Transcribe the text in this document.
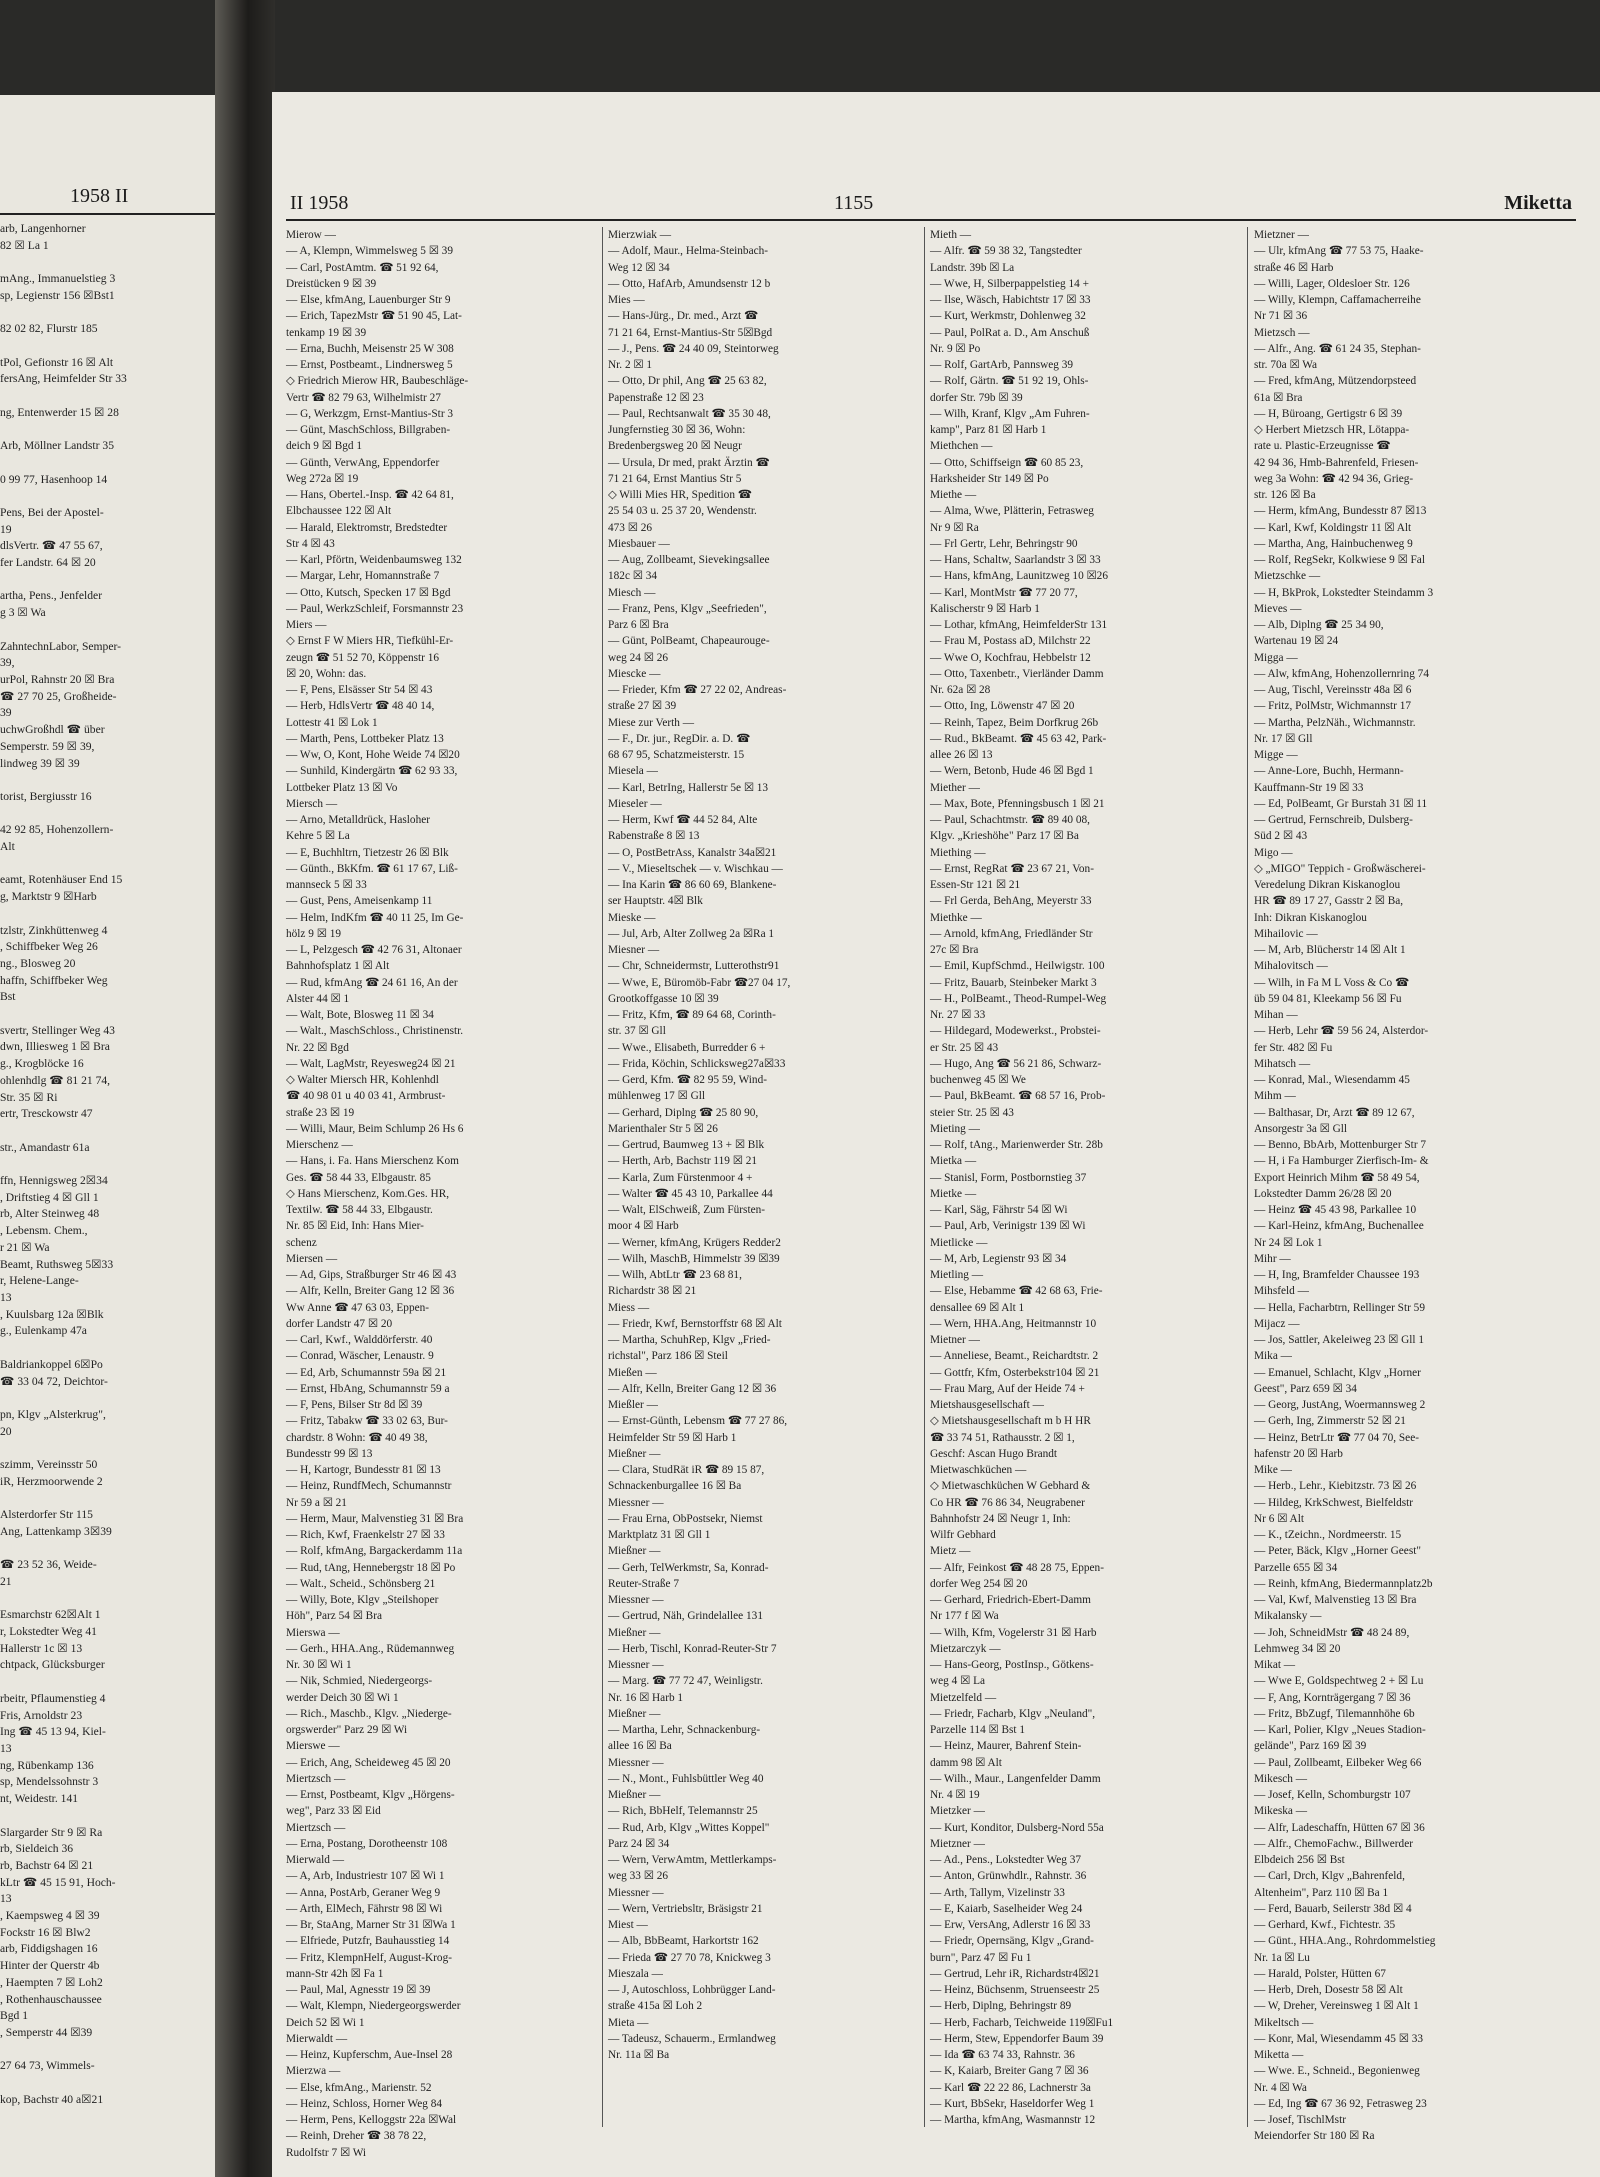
1958 II
arb, Langenhorner
82 ☒ La 1

mAng., Immanuelstieg 3
sp, Legienstr 156 ☒Bst1

82 02 82, Flurstr 185

tPol, Gefionstr 16 ☒ Alt
fersAng, Heimfelder Str 33

ng, Entenwerder 15 ☒ 28

Arb, Möllner Landstr 35

0 99 77, Hasenhoop 14

Pens, Bei der Apostel-
19
dlsVertr. ☎ 47 55 67,
fer Landstr. 64 ☒ 20

artha, Pens., Jenfelder
g 3 ☒ Wa

ZahntechnLabor, Semper-
39,
urPol, Rahnstr 20 ☒ Bra
☎ 27 70 25, Großheide-
39
uchwGroßhdl ☎ über
Semperstr. 59 ☒ 39,
lindweg 39 ☒ 39

torist, Bergiusstr 16

42 92 85, Hohenzollern-
Alt

eamt, Rotenhäuser End 15
g, Marktstr 9 ☒Harb

tzlstr, Zinkhüttenweg 4
, Schiffbeker Weg 26
ng., Blosweg 20
haffn, Schiffbeker Weg
Bst

svertr, Stellinger Weg 43
dwn, Illiesweg 1 ☒ Bra
g., Krogblöcke 16
ohlenhdlg ☎ 81 21 74,
Str. 35 ☒ Ri
ertr, Tresckowstr 47

str., Amandastr 61a

ffn, Hennigsweg 2☒34
, Driftstieg 4 ☒ Gll 1
rb, Alter Steinweg 48
, Lebensm. Chem.,
r 21 ☒ Wa
Beamt, Ruthsweg 5☒33
r, Helene-Lange-
13
, Kuulsbarg 12a ☒Blk
g., Eulenkamp 47a

Baldriankoppel 6☒Po
☎ 33 04 72, Deichtor-

pn, Klgv „Alsterkrug",
20

szimm, Vereinsstr 50
iR, Herzmoorwende 2

Alsterdorfer Str 115
Ang, Lattenkamp 3☒39

☎ 23 52 36, Weide-
21

Esmarchstr 62☒Alt 1
r, Lokstedter Weg 41
Hallerstr 1c ☒ 13
chtpack, Glücksburger

rbeitr, Pflaumenstieg 4
Fris, Arnoldstr 23
Ing ☎ 45 13 94, Kiel-
13
ng, Rübenkamp 136
sp, Mendelssohnstr 3
nt, Weidestr. 141

Slargarder Str 9 ☒ Ra
rb, Sieldeich 36
rb, Bachstr 64 ☒ 21
kLtr ☎ 45 15 91, Hoch-
13
, Kaempsweg 4 ☒ 39
Fockstr 16 ☒ Blw2
arb, Fiddigshagen 16
Hinter der Querstr 4b
, Haempten 7 ☒ Loh2
, Rothenhauschaussee
Bgd 1
, Semperstr 44 ☒39

27 64 73, Wimmels-

kop, Bachstr 40 a☒21
II 1958	1155	Miketta
Mierow —
— A, Klempn, Wimmelsweg 5 ☒ 39
— Carl, PostAmtm. ☎ 51 92 64,
Dreistücken 9 ☒ 39
— Else, kfmAng, Lauenburger Str 9
— Erich, TapezMstr ☎ 51 90 45, Lat-
tenkamp 19 ☒ 39
— Erna, Buchh, Meisenstr 25 W 308
— Ernst, Postbeamt., Lindnersweg 5
◇ Friedrich Mierow HR, Baubeschläge-
Vertr ☎ 82 79 63, Wilhelmistr 27
— G, Werkzgm, Ernst-Mantius-Str 3
— Günt, MaschSchloss, Billgraben-
deich 9 ☒ Bgd 1
— Günth, VerwAng, Eppendorfer
Weg 272a ☒ 19
— Hans, Obertel.-Insp. ☎ 42 64 81,
Elbchaussee 122 ☒ Alt
— Harald, Elektromstr, Bredstedter
Str 4 ☒ 43
— Karl, Pförtn, Weidenbaumsweg 132
— Margar, Lehr, Homannstraße 7
— Otto, Kutsch, Specken 17 ☒ Bgd
— Paul, WerkzSchleif, Forsmannstr 23
Miers —
◇ Ernst F W Miers HR, Tiefkühl-Er-
zeugn ☎ 51 52 70, Köppenstr 16
☒ 20, Wohn: das.
— F, Pens, Elsässer Str 54 ☒ 43
— Herb, HdlsVertr ☎ 48 40 14,
Lottestr 41 ☒ Lok 1
— Marth, Pens, Lottbeker Platz 13
— Ww, O, Kont, Hohe Weide 74 ☒20
— Sunhild, Kindergärtn ☎ 62 93 33,
Lottbeker Platz 13 ☒ Vo
Miersch —
— Arno, Metalldrück, Hasloher
Kehre 5 ☒ La
— E, Buchhltrn, Tietzestr 26 ☒ Blk
— Günth., BkKfm. ☎ 61 17 67, Liß-
mannseck 5 ☒ 33
— Gust, Pens, Ameisenkamp 11
— Helm, IndKfm ☎ 40 11 25, Im Ge-
hölz 9 ☒ 19
— L, Pelzgesch ☎ 42 76 31, Altonaer
Bahnhofsplatz 1 ☒ Alt
— Rud, kfmAng ☎ 24 61 16, An der
Alster 44 ☒ 1
— Walt, Bote, Blosweg 11 ☒ 34
— Walt., MaschSchloss., Christinenstr.
Nr. 22 ☒ Bgd
— Walt, LagMstr, Reyesweg24 ☒ 21
◇ Walter Miersch HR, Kohlenhdl
☎ 40 98 01 u 40 03 41, Armbrust-
straße 23 ☒ 19
— Willi, Maur, Beim Schlump 26 Hs 6
Mierschenz —
— Hans, i. Fa. Hans Mierschenz Kom
Ges. ☎ 58 44 33, Elbgaustr. 85
◇ Hans Mierschenz, Kom.Ges. HR,
Textilw. ☎ 58 44 33, Elbgaustr.
Nr. 85 ☒ Eid, Inh: Hans Mier-
schenz
Miersen —
— Ad, Gips, Straßburger Str 46 ☒ 43
— Alfr, Kelln, Breiter Gang 12 ☒ 36
Ww Anne ☎ 47 63 03, Eppen-
dorfer Landstr 47 ☒ 20
— Carl, Kwf., Walddörferstr. 40
— Conrad, Wäscher, Lenaustr. 9
— Ed, Arb, Schumannstr 59a ☒ 21
— Ernst, HbAng, Schumannstr 59 a
— F, Pens, Bilser Str 8d ☒ 39
— Fritz, Tabakw ☎ 33 02 63, Bur-
chardstr. 8 Wohn: ☎ 40 49 38,
Bundesstr 99 ☒ 13
— H, Kartogr, Bundesstr 81 ☒ 13
— Heinz, RundfMech, Schumannstr
Nr 59 a ☒ 21
— Herm, Maur, Malvenstieg 31 ☒ Bra
— Rich, Kwf, Fraenkelstr 27 ☒ 33
— Rolf, kfmAng, Bargackerdamm 11a
— Rud, tAng, Hennebergstr 18 ☒ Po
— Walt., Scheid., Schönsberg 21
— Willy, Bote, Klgv „Steilshoper
Höh", Parz 54 ☒ Bra
Mierswa —
— Gerh., HHA.Ang., Rüdemannweg
Nr. 30 ☒ Wi 1
— Nik, Schmied, Niedergeorgs-
werder Deich 30 ☒ Wi 1
— Rich., Maschb., Klgv. „Niederge-
orgswerder" Parz 29 ☒ Wi
Mierswe —
— Erich, Ang, Scheideweg 45 ☒ 20
Miertzsch —
— Ernst, Postbeamt, Klgv „Hörgens-
weg", Parz 33 ☒ Eid
Miertzsch —
— Erna, Postang, Dorotheenstr 108
Mierwald —
— A, Arb, Industriestr 107 ☒ Wi 1
— Anna, PostArb, Geraner Weg 9
— Arth, ElMech, Fährstr 98 ☒ Wi
— Br, StaAng, Marner Str 31 ☒Wa 1
— Elfriede, Putzfr, Bauhausstieg 14
— Fritz, KlempnHelf, August-Krog-
mann-Str 42h ☒ Fa 1
— Paul, Mal, Agnesstr 19 ☒ 39
— Walt, Klempn, Niedergeorgswerder
Deich 52 ☒ Wi 1
Mierwaldt —
— Heinz, Kupferschm, Aue-Insel 28
Mierzwa —
— Else, kfmAng., Marienstr. 52
— Heinz, Schloss, Horner Weg 84
— Herm, Pens, Kelloggstr 22a ☒Wal
— Reinh, Dreher ☎ 38 78 22,
Rudolfstr 7 ☒ Wi
Mierzwiak —
— Adolf, Maur., Helma-Steinbach-
Weg 12 ☒ 34
— Otto, HafArb, Amundsenstr 12 b
Mies —
— Hans-Jürg., Dr. med., Arzt ☎
71 21 64, Ernst-Mantius-Str 5☒Bgd
— J., Pens. ☎ 24 40 09, Steintorweg
Nr. 2 ☒ 1
— Otto, Dr phil, Ang ☎ 25 63 82,
Papenstraße 12 ☒ 23
— Paul, Rechtsanwalt ☎ 35 30 48,
Jungfernstieg 30 ☒ 36, Wohn:
Bredenbergsweg 20 ☒ Neugr
— Ursula, Dr med, prakt Ärztin ☎
71 21 64, Ernst Mantius Str 5
◇ Willi Mies HR, Spedition ☎
25 54 03 u. 25 37 20, Wendenstr.
473 ☒ 26
Miesbauer —
— Aug, Zollbeamt, Sievekingsallee
182c ☒ 34
Miesch —
— Franz, Pens, Klgv „Seefrieden",
Parz 6 ☒ Bra
— Günt, PolBeamt, Chapeaurouge-
weg 24 ☒ 26
Miescke —
— Frieder, Kfm ☎ 27 22 02, Andreas-
straße 27 ☒ 39
Miese zur Verth —
— F., Dr. jur., RegDir. a. D. ☎
68 67 95, Schatzmeisterstr. 15
Miesela —
— Karl, BetrIng, Hallerstr 5e ☒ 13
Mieseler —
— Herm, Kwf ☎ 44 52 84, Alte
Rabenstraße 8 ☒ 13
— O, PostBetrAss, Kanalstr 34a☒21
— V., Mieseltschek — v. Wischkau —
— Ina Karin ☎ 86 60 69, Blankene-
ser Hauptstr. 4☒ Blk
Mieske —
— Jul, Arb, Alter Zollweg 2a ☒Ra 1
Miesner —
— Chr, Schneidermstr, Lutterothstr91
— Wwe, E, Büromöb-Fabr ☎27 04 17,
Grootkoffgasse 10 ☒ 39
— Fritz, Kfm, ☎ 89 64 68, Corinth-
str. 37 ☒ Gll
— Wwe., Elisabeth, Burredder 6 +
— Frida, Köchin, Schlicksweg27a☒33
— Gerd, Kfm. ☎ 82 95 59, Wind-
mühlenweg 17 ☒ Gll
— Gerhard, Diplng ☎ 25 80 90,
Marienthaler Str 5 ☒ 26
— Gertrud, Baumweg 13 + ☒ Blk
— Herth, Arb, Bachstr 119 ☒ 21
— Karla, Zum Fürstenmoor 4 +
— Walter ☎ 45 43 10, Parkallee 44
— Walt, ElSchweiß, Zum Fürsten-
moor 4 ☒ Harb
— Werner, kfmAng, Krügers Redder2
— Wilh, MaschB, Himmelstr 39 ☒39
— Wilh, AbtLtr ☎ 23 68 81,
Richardstr 38 ☒ 21
Miess —
— Friedr, Kwf, Bernstorffstr 68 ☒ Alt
— Martha, SchuhRep, Klgv „Fried-
richstal", Parz 186 ☒ Steil
Mießen —
— Alfr, Kelln, Breiter Gang 12 ☒ 36
Mießler —
— Ernst-Günth, Lebensm ☎ 77 27 86,
Heimfelder Str 59 ☒ Harb 1
Mießner —
— Clara, StudRät iR ☎ 89 15 87,
Schnackenburgallee 16 ☒ Ba
Miessner —
— Frau Erna, ObPostsekr, Niemst
Marktplatz 31 ☒ Gll 1
Mießner —
— Gerh, TelWerkmstr, Sa, Konrad-
Reuter-Straße 7
Miessner —
— Gertrud, Näh, Grindelallee 131
Mießner —
— Herb, Tischl, Konrad-Reuter-Str 7
Miessner —
— Marg. ☎ 77 72 47, Weinligstr.
Nr. 16 ☒ Harb 1
Mießner —
— Martha, Lehr, Schnackenburg-
allee 16 ☒ Ba
Miessner —
— N., Mont., Fuhlsbüttler Weg 40
Mießner —
— Rich, BbHelf, Telemannstr 25
— Rud, Arb, Klgv „Wittes Koppel"
Parz 24 ☒ 34
— Wern, VerwAmtm, Mettlerkamps-
weg 33 ☒ 26
Miessner —
— Wern, Vertriebsltr, Bräsigstr 21
Miest —
— Alb, BbBeamt, Harkortstr 162
— Frieda ☎ 27 70 78, Knickweg 3
Mieszala —
— J, Autoschloss, Lohbrügger Land-
straße 415a ☒ Loh 2
Mieta —
— Tadeusz, Schauerm., Ermlandweg
Nr. 11a ☒ Ba
Mieth —
— Alfr. ☎ 59 38 32, Tangstedter
Landstr. 39b ☒ La
— Wwe, H, Silberpappelstieg 14 +
— Ilse, Wäsch, Habichtstr 17 ☒ 33
— Kurt, Werkmstr, Dohlenweg 32
— Paul, PolRat a. D., Am Anschuß
Nr. 9 ☒ Po
— Rolf, GartArb, Pannsweg 39
— Rolf, Gärtn. ☎ 51 92 19, Ohls-
dorfer Str. 79b ☒ 39
— Wilh, Kranf, Klgv „Am Fuhren-
kamp", Parz 81 ☒ Harb 1
Miethchen —
— Otto, Schiffseign ☎ 60 85 23,
Harksheider Str 149 ☒ Po
Miethe —
— Alma, Wwe, Plätterin, Fetrasweg
Nr 9 ☒ Ra
— Frl Gertr, Lehr, Behringstr 90
— Hans, Schaltw, Saarlandstr 3 ☒ 33
— Hans, kfmAng, Launitzweg 10 ☒26
— Karl, MontMstr ☎ 77 20 77,
Kalischerstr 9 ☒ Harb 1
— Lothar, kfmAng, HeimfelderStr 131
— Frau M, Postass aD, Milchstr 22
— Wwe O, Kochfrau, Hebbelstr 12
— Otto, Taxenbetr., Vierländer Damm
Nr. 62a ☒ 28
— Otto, Ing, Löwenstr 47 ☒ 20
— Reinh, Tapez, Beim Dorfkrug 26b
— Rud., BkBeamt. ☎ 45 63 42, Park-
allee 26 ☒ 13
— Wern, Betonb, Hude 46 ☒ Bgd 1
Miether —
— Max, Bote, Pfenningsbusch 1 ☒ 21
— Paul, Schachtmstr. ☎ 89 40 08,
Klgv. „Krieshöhe" Parz 17 ☒ Ba
Miething —
— Ernst, RegRat ☎ 23 67 21, Von-
Essen-Str 121 ☒ 21
— Frl Gerda, BehAng, Meyerstr 33
Miethke —
— Arnold, kfmAng, Friedländer Str
27c ☒ Bra
— Emil, KupfSchmd., Heilwigstr. 100
— Fritz, Bauarb, Steinbeker Markt 3
— H., PolBeamt., Theod-Rumpel-Weg
Nr. 27 ☒ 33
— Hildegard, Modewerkst., Probstei-
er Str. 25 ☒ 43
— Hugo, Ang ☎ 56 21 86, Schwarz-
buchenweg 45 ☒ We
— Paul, BkBeamt. ☎ 68 57 16, Prob-
steier Str. 25 ☒ 43
Mieting —
— Rolf, tAng., Marienwerder Str. 28b
Mietka —
— Stanisl, Form, Postbornstieg 37
Mietke —
— Karl, Säg, Fährstr 54 ☒ Wi
— Paul, Arb, Verinigstr 139 ☒ Wi
Mietlicke —
— M, Arb, Legienstr 93 ☒ 34
Mietling —
— Else, Hebamme ☎ 42 68 63, Frie-
densallee 69 ☒ Alt 1
— Wern, HHA.Ang, Heitmannstr 10
Mietner —
— Anneliese, Beamt., Reichardtstr. 2
— Gottfr, Kfm, Osterbekstr104 ☒ 21
— Frau Marg, Auf der Heide 74 +
Mietshausgesellschaft —
◇ Mietshausgesellschaft m b H HR
☎ 33 74 51, Rathausstr. 2 ☒ 1,
Geschf: Ascan Hugo Brandt
Mietwaschküchen —
◇ Mietwaschküchen W Gebhard &
Co HR ☎ 76 86 34, Neugrabener
Bahnhofstr 24 ☒ Neugr 1, Inh:
Wilfr Gebhard
Mietz —
— Alfr, Feinkost ☎ 48 28 75, Eppen-
dorfer Weg 254 ☒ 20
— Gerhard, Friedrich-Ebert-Damm
Nr 177 f ☒ Wa
— Wilh, Kfm, Vogelerstr 31 ☒ Harb
Mietzarczyk —
— Hans-Georg, PostInsp., Götkens-
weg 4 ☒ La
Mietzelfeld —
— Friedr, Facharb, Klgv „Neuland",
Parzelle 114 ☒ Bst 1
— Heinz, Maurer, Bahrenf Stein-
damm 98 ☒ Alt
— Wilh., Maur., Langenfelder Damm
Nr. 4 ☒ 19
Mietzker —
— Kurt, Konditor, Dulsberg-Nord 55a
Mietzner —
— Ad., Pens., Lokstedter Weg 37
— Anton, Grünwhdlr., Rahnstr. 36
— Arth, Tallym, Vizelinstr 33
— E, Kaiarb, Saselheider Weg 24
— Erw, VersAng, Adlerstr 16 ☒ 33
— Friedr, Opernsäng, Klgv „Grand-
burn", Parz 47 ☒ Fu 1
— Gertrud, Lehr iR, Richardstr4☒21
— Heinz, Büchsenm, Struenseestr 25
— Herb, Diplng, Behringstr 89
— Herb, Facharb, Teichweide 119☒Fu1
— Herm, Stew, Eppendorfer Baum 39
— Ida ☎ 63 74 33, Rahnstr. 36
— K, Kaiarb, Breiter Gang 7 ☒ 36
— Karl ☎ 22 22 86, Lachnerstr 3a
— Kurt, BbSekr, Haseldorfer Weg 1
— Martha, kfmAng, Wasmannstr 12
Mietzner —
— Ulr, kfmAng ☎ 77 53 75, Haake-
straße 46 ☒ Harb
— Willi, Lager, Oldesloer Str. 126
— Willy, Klempn, Caffamacherreihe
Nr 71 ☒ 36
Mietzsch —
— Alfr., Ang. ☎ 61 24 35, Stephan-
str. 70a ☒ Wa
— Fred, kfmAng, Mützendorpsteed
61a ☒ Bra
— H, Büroang, Gertigstr 6 ☒ 39
◇ Herbert Mietzsch HR, Lötappa-
rate u. Plastic-Erzeugnisse ☎
42 94 36, Hmb-Bahrenfeld, Friesen-
weg 3a Wohn: ☎ 42 94 36, Grieg-
str. 126 ☒ Ba
— Herm, kfmAng, Bundesstr 87 ☒13
— Karl, Kwf, Koldingstr 11 ☒ Alt
— Martha, Ang, Hainbuchenweg 9
— Rolf, RegSekr, Kolkwiese 9 ☒ Fal
Mietzschke —
— H, BkProk, Lokstedter Steindamm 3
Mieves —
— Alb, Diplng ☎ 25 34 90,
Wartenau 19 ☒ 24
Migga —
— Alw, kfmAng, Hohenzollernring 74
— Aug, Tischl, Vereinsstr 48a ☒ 6
— Fritz, PolMstr, Wichmannstr 17
— Martha, PelzNäh., Wichmannstr.
Nr. 17 ☒ Gll
Migge —
— Anne-Lore, Buchh, Hermann-
Kauffmann-Str 19 ☒ 33
— Ed, PolBeamt, Gr Burstah 31 ☒ 11
— Gertrud, Fernschreib, Dulsberg-
Süd 2 ☒ 43
Migo —
◇ „MIGO" Teppich - Großwäscherei-
Veredelung Dikran Kiskanoglou
HR ☎ 89 17 27, Gasstr 2 ☒ Ba,
Inh: Dikran Kiskanoglou
Mihailovic —
— M, Arb, Blücherstr 14 ☒ Alt 1
Mihalovitsch —
— Wilh, in Fa M L Voss & Co ☎
üb 59 04 81, Kleekamp 56 ☒ Fu
Mihan —
— Herb, Lehr ☎ 59 56 24, Alsterdor-
fer Str. 482 ☒ Fu
Mihatsch —
— Konrad, Mal., Wiesendamm 45
Mihm —
— Balthasar, Dr, Arzt ☎ 89 12 67,
Ansorgestr 3a ☒ Gll
— Benno, BbArb, Mottenburger Str 7
— H, i Fa Hamburger Zierfisch-Im- &
Export Heinrich Mihm ☎ 58 49 54,
Lokstedter Damm 26/28 ☒ 20
— Heinz ☎ 45 43 98, Parkallee 10
— Karl-Heinz, kfmAng, Buchenallee
Nr 24 ☒ Lok 1
Mihr —
— H, Ing, Bramfelder Chaussee 193
Mihsfeld —
— Hella, Facharbtrn, Rellinger Str 59
Mijacz —
— Jos, Sattler, Akeleiweg 23 ☒ Gll 1
Mika —
— Emanuel, Schlacht, Klgv „Horner
Geest", Parz 659 ☒ 34
— Georg, JustAng, Woermannsweg 2
— Gerh, Ing, Zimmerstr 52 ☒ 21
— Heinz, BetrLtr ☎ 77 04 70, See-
hafenstr 20 ☒ Harb
Mike —
— Herb., Lehr., Kiebitzstr. 73 ☒ 26
— Hildeg, KrkSchwest, Bielfeldstr
Nr 6 ☒ Alt
— K., tZeichn., Nordmeerstr. 15
— Peter, Bäck, Klgv „Horner Geest"
Parzelle 655 ☒ 34
— Reinh, kfmAng, Biedermannplatz2b
— Val, Kwf, Malvenstieg 13 ☒ Bra
Mikalansky —
— Joh, SchneidMstr ☎ 48 24 89,
Lehmweg 34 ☒ 20
Mikat —
— Wwe E, Goldspechtweg 2 + ☒ Lu
— F, Ang, Kornträgergang 7 ☒ 36
— Fritz, BbZugf, Tilemannhöhe 6b
— Karl, Polier, Klgv „Neues Stadion-
gelände", Parz 169 ☒ 39
— Paul, Zollbeamt, Eilbeker Weg 66
Mikesch —
— Josef, Kelln, Schomburgstr 107
Mikeska —
— Alfr, Ladeschaffn, Hütten 67 ☒ 36
— Alfr., ChemoFachw., Billwerder
Elbdeich 256 ☒ Bst
— Carl, Drch, Klgv „Bahrenfeld,
Altenheim", Parz 110 ☒ Ba 1
— Ferd, Bauarb, Seilerstr 38d ☒ 4
— Gerhard, Kwf., Fichtestr. 35
— Günt., HHA.Ang., Rohrdommelstieg
Nr. 1a ☒ Lu
— Harald, Polster, Hütten 67
— Herb, Dreh, Dosestr 58 ☒ Alt
— W, Dreher, Vereinsweg 1 ☒ Alt 1
Mikeltsch —
— Konr, Mal, Wiesendamm 45 ☒ 33
Miketta —
— Wwe. E., Schneid., Begonienweg
Nr. 4 ☒ Wa
— Ed, Ing ☎ 67 36 92, Fetrasweg 23
— Josef, TischlMstr
Meiendorfer Str 180 ☒ Ra
